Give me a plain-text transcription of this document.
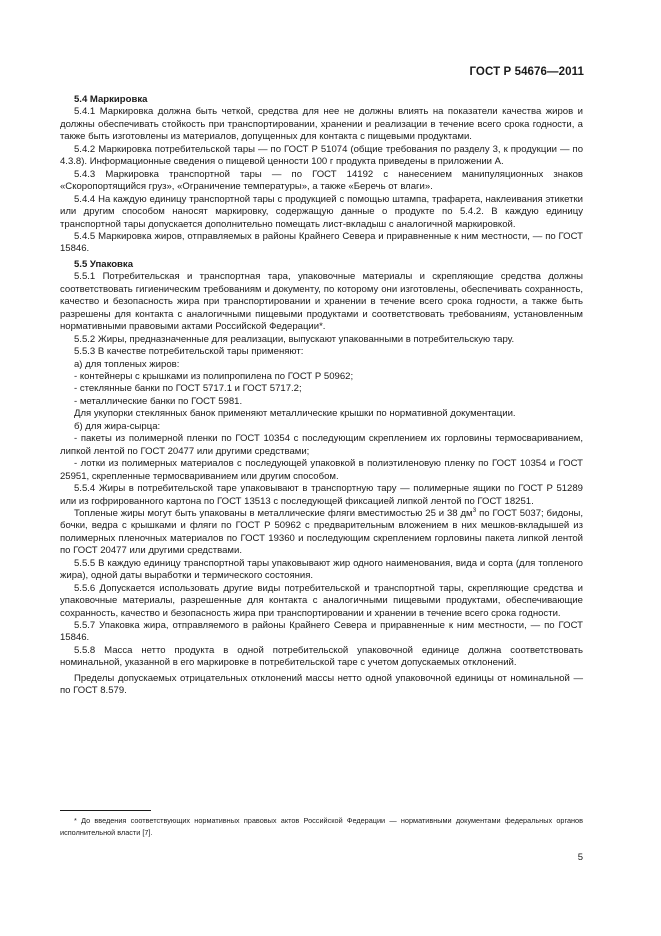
ГОСТ Р 54676—2011

5.4 Маркировка

5.4.1 Маркировка должна быть четкой, средства для нее не должны влиять на показатели качества жиров и должны обеспечивать стойкость при транспортировании, хранении и реализации в течение всего срока годности, а также быть изготовлены из материалов, допущенных для контакта с пищевыми продуктами.

5.4.2 Маркировка потребительской тары — по ГОСТ Р 51074 (общие требования по разделу 3, к продукции — по 4.3.8). Информационные сведения о пищевой ценности 100 г продукта приведены в приложении А.

5.4.3 Маркировка транспортной тары — по ГОСТ 14192 с нанесением манипуляционных знаков «Скоропортящийся груз», «Ограничение температуры», а также «Беречь от влаги».

5.4.4 На каждую единицу транспортной тары с продукцией с помощью штампа, трафарета, наклеивания этикетки или другим способом наносят маркировку, содержащую данные о продукте по 5.4.2. В каждую единицу транспортной тары допускается дополнительно помещать лист-вкладыш с аналогичной маркировкой.

5.4.5 Маркировка жиров, отправляемых в районы Крайнего Севера и приравненные к ним местности, — по ГОСТ 15846.

5.5 Упаковка

5.5.1 Потребительская и транспортная тара, упаковочные материалы и скрепляющие средства должны соответствовать гигиеническим требованиям и документу, по которому они изготовлены, обеспечивать сохранность, качество и безопасность жира при транспортировании и хранении в течение всего срока годности, а также быть разрешены для контакта с аналогичными пищевыми продуктами и соответствовать требованиям, установленным нормативными правовыми актами Российской Федерации*.

5.5.2 Жиры, предназначенные для реализации, выпускают упакованными в потребительскую тару.

5.5.3 В качестве потребительской тары применяют:

а) для топленых жиров:

- контейнеры с крышками из полипропилена по ГОСТ Р 50962;

- стеклянные банки по ГОСТ 5717.1 и ГОСТ 5717.2;

- металлические банки по ГОСТ 5981.

Для укупорки стеклянных банок применяют металлические крышки по нормативной документации.

б) для жира-сырца:

- пакеты из полимерной пленки по ГОСТ 10354 с последующим скреплением их горловины термосвариванием, липкой лентой по ГОСТ 20477 или другими средствами;

- лотки из полимерных материалов с последующей упаковкой в полиэтиленовую пленку по ГОСТ 10354 и ГОСТ 25951, скрепленные термосвариванием или другим способом.

5.5.4 Жиры в потребительской таре упаковывают в транспортную тару — полимерные ящики по ГОСТ Р 51289 или из гофрированного картона по ГОСТ 13513 с последующей фиксацией липкой лентой по ГОСТ 18251.

Топленые жиры могут быть упакованы в металлические фляги вместимостью 25 и 38 $дм^3$ по ГОСТ 5037; бидоны, бочки, ведра с крышками и фляги по ГОСТ Р 50962 с предварительным вложением в них мешков-вкладышей из полимерных пленочных материалов по ГОСТ 19360 и последующим скреплением горловины пакета липкой лентой по ГОСТ 20477 или другими средствами.

5.5.5 В каждую единицу транспортной тары упаковывают жир одного наименования, вида и сорта (для топленого жира), одной даты выработки и термического состояния.

5.5.6 Допускается использовать другие виды потребительской и транспортной тары, скрепляющие средства и упаковочные материалы, разрешенные для контакта с аналогичными пищевыми продуктами, обеспечивающие сохранность, качество и безопасность жира при транспортировании и хранении в течение всего срока годности.

5.5.7 Упаковка жира, отправляемого в районы Крайнего Севера и приравненные к ним местности, — по ГОСТ 15846.

5.5.8 Масса нетто продукта в одной потребительской упаковочной единице должна соответствовать номинальной, указанной в его маркировке в потребительской таре с учетом допускаемых отклонений.

Пределы допускаемых отрицательных отклонений массы нетто одной упаковочной единицы от номинальной — по ГОСТ 8.579.

* До введения соответствующих нормативных правовых актов Российской Федерации — нормативными документами федеральных органов исполнительной власти [7].
5
